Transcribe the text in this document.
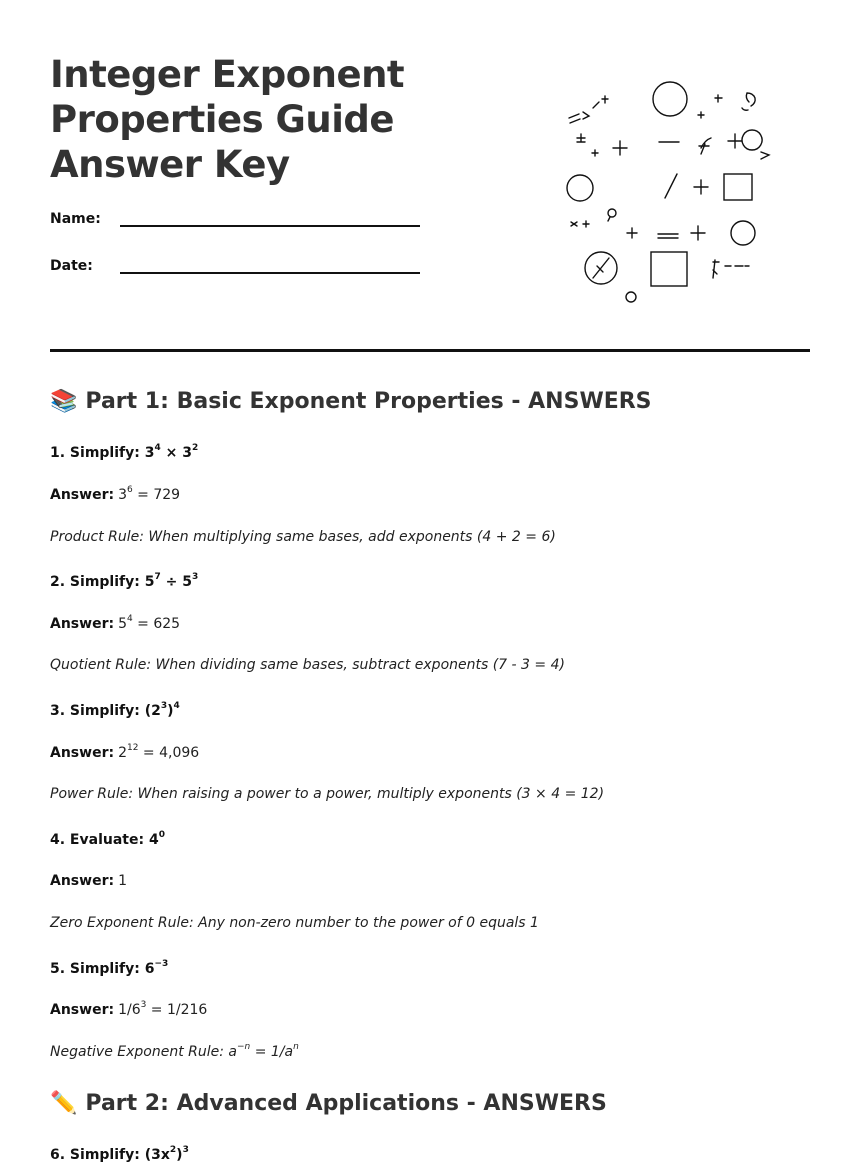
Integer Exponent
Properties Guide
Answer Key
Name:
Date:
📚 Part 1: Basic Exponent Properties - ANSWERS
1. Simplify: $3^4 \times 3^2$
Answer: $3^6 = 729$
Product Rule: When multiplying same bases, add exponents (4 + 2 = 6)
2. Simplify: $5^7 \div 5^3$
Answer: $5^4 = 625$
Quotient Rule: When dividing same bases, subtract exponents (7 - 3 = 4)
3. Simplify: $(2^3)^4$
Answer: $2^{12} = 4,096$
Power Rule: When raising a power to a power, multiply exponents (3 × 4 = 12)
4. Evaluate: $4^0$
Answer: 1
Zero Exponent Rule: Any non-zero number to the power of 0 equals 1
5. Simplify: $6^{-3}$
Answer: $1/6^3 = 1/216$
Negative Exponent Rule: $a^{-n} = 1/a^n$
✏️ Part 2: Advanced Applications - ANSWERS
6. Simplify: $(3x^2)^3$
